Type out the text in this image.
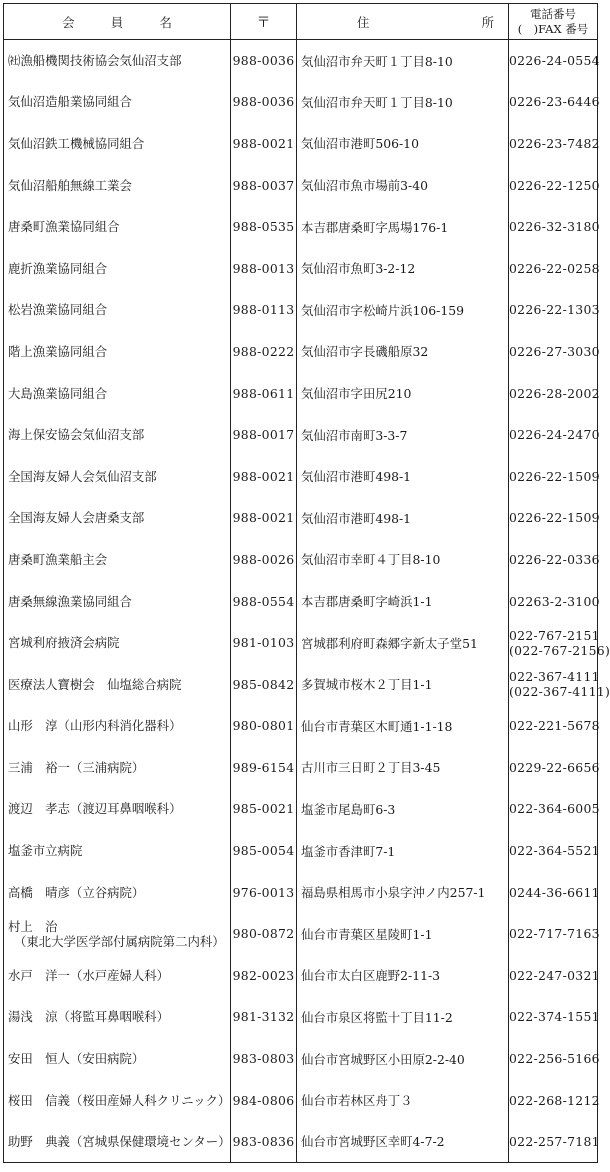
会 員 名	〒	住 所	電話番号
(　)FAX 番号

㈳漁船機関技術協会気仙沼支部	988-0036	気仙沼市弁天町１丁目8-10	0226-24-0554

気仙沼造船業協同組合	988-0036	気仙沼市弁天町１丁目8-10	0226-23-6446

気仙沼鉄工機械協同組合	988-0021	気仙沼市港町506-10	0226-23-7482

気仙沼船舶無線工業会	988-0037	気仙沼市魚市場前3-40	0226-22-1250

唐桑町漁業協同組合	988-0535	本吉郡唐桑町字馬場176-1	0226-32-3180

鹿折漁業協同組合	988-0013	気仙沼市魚町3-2-12	0226-22-0258

松岩漁業協同組合	988-0113	気仙沼市字松崎片浜106-159	0226-22-1303

階上漁業協同組合	988-0222	気仙沼市字長磯船原32	0226-27-3030

大島漁業協同組合	988-0611	気仙沼市字田尻210	0226-28-2002

海上保安協会気仙沼支部	988-0017	気仙沼市南町3-3-7	0226-24-2470

全国海友婦人会気仙沼支部	988-0021	気仙沼市港町498-1	0226-22-1509

全国海友婦人会唐桑支部	988-0021	気仙沼市港町498-1	0226-22-1509

唐桑町漁業船主会	988-0026	気仙沼市幸町４丁目8-10	0226-22-0336

唐桑無線漁業協同組合	988-0554	本吉郡唐桑町字崎浜1-1	02263-2-3100

宮城利府掖済会病院	981-0103	宮城郡利府町森郷字新太子堂51	022-767-2151
(022-767-2156)

医療法人寶樹会　仙塩総合病院	985-0842	多賀城市桜木２丁目1-1	022-367-4111
(022-367-4111)

山形　淳（山形内科消化器科）	980-0801	仙台市青葉区木町通1-1-18	022-221-5678

三浦　裕一（三浦病院）	989-6154	古川市三日町２丁目3-45	0229-22-6656

渡辺　孝志（渡辺耳鼻咽喉科）	985-0021	塩釜市尾島町6-3	022-364-6005

塩釜市立病院	985-0054	塩釜市香津町7-1	022-364-5521

高橋　晴彦（立谷病院）	976-0013	福島県相馬市小泉字沖ノ内257-1	0244-36-6611

村上　治
（東北大学医学部付属病院第二内科）	980-0872	仙台市青葉区星陵町1-1	022-717-7163

水戸　洋一（水戸産婦人科）	982-0023	仙台市太白区鹿野2-11-3	022-247-0321

湯浅　涼（将監耳鼻咽喉科）	981-3132	仙台市泉区将監十丁目11-2	022-374-1551

安田　恒人（安田病院）	983-0803	仙台市宮城野区小田原2-2-40	022-256-5166

桜田　信義（桜田産婦人科クリニック）	984-0806	仙台市若林区舟丁３	022-268-1212

助野　典義（宮城県保健環境センター）	983-0836	仙台市宮城野区幸町4-7-2	022-257-7181
